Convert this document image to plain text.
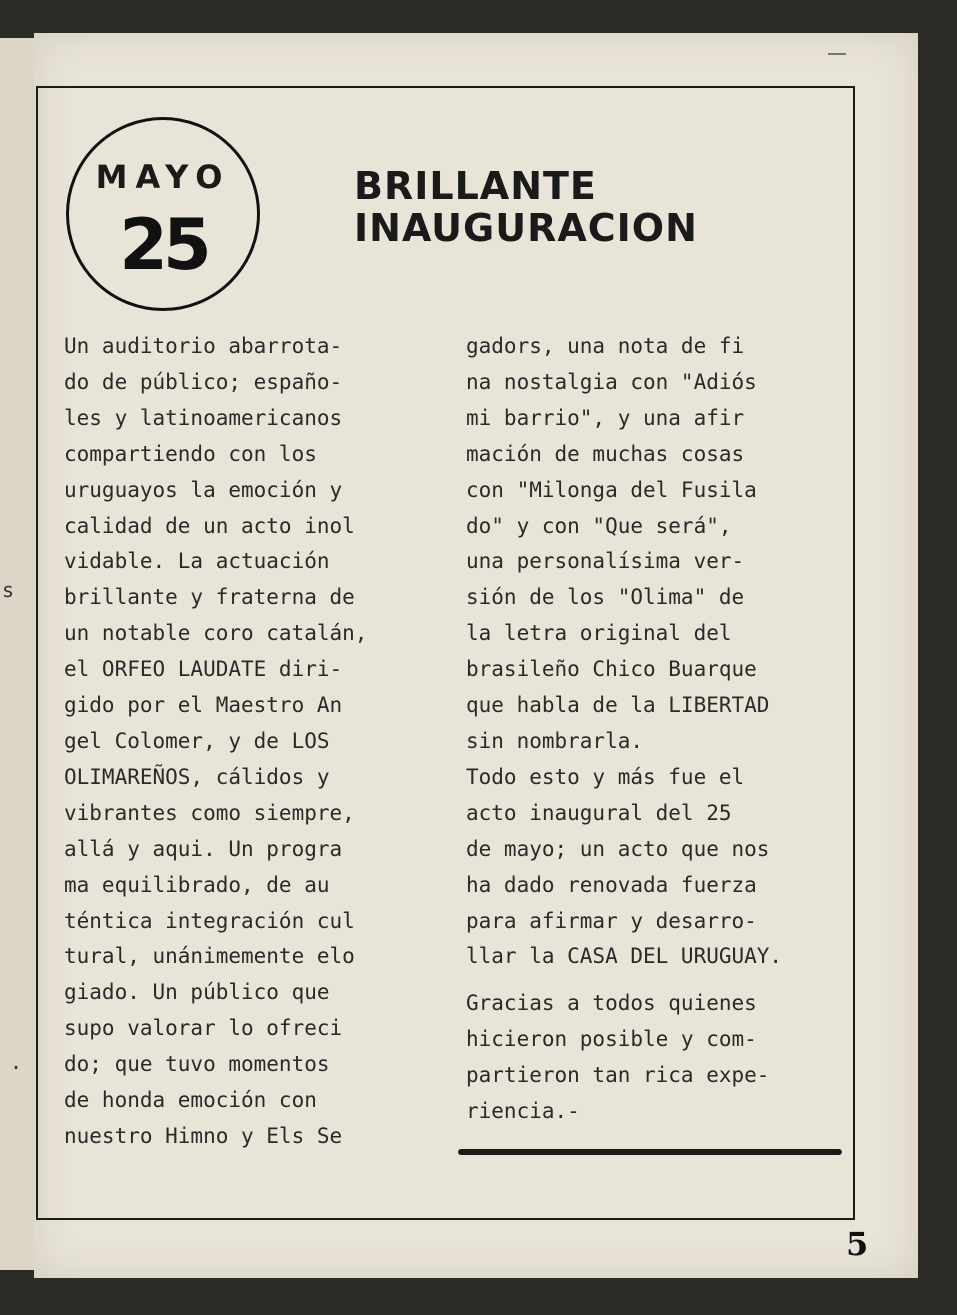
s
.
MAYO
25
BRILLANTE
INAUGURACION
Un auditorio abarrota-
do de público; españo-
les y latinoamericanos
compartiendo con los
uruguayos la emoción y
calidad de un acto inol
vidable. La actuación
brillante y fraterna de
un notable coro catalán,
el ORFEO LAUDATE diri-
gido por el Maestro An
gel Colomer, y de LOS
OLIMAREÑOS, cálidos y
vibrantes como siempre,
allá y aqui. Un progra
ma equilibrado, de au
téntica integración cul
tural, unánimemente elo
giado. Un público que
supo valorar lo ofreci
do; que tuvo momentos
de honda emoción con
nuestro Himno y Els Se
gadors, una nota de fi
na nostalgia con "Adiós
mi barrio", y una afir
mación de muchas cosas
con "Milonga del Fusila
do" y con "Que será",
una personalísima ver-
sión de los "Olima" de
la letra original del
brasileño Chico Buarque
que habla de la LIBERTAD
sin nombrarla.
Todo esto y más fue el
acto inaugural del 25
de mayo; un acto que nos
ha dado renovada fuerza
para afirmar y desarro-
llar la CASA DEL URUGUAY.
Gracias a todos quienes
hicieron posible y com-
partieron tan rica expe-
riencia.-
5
